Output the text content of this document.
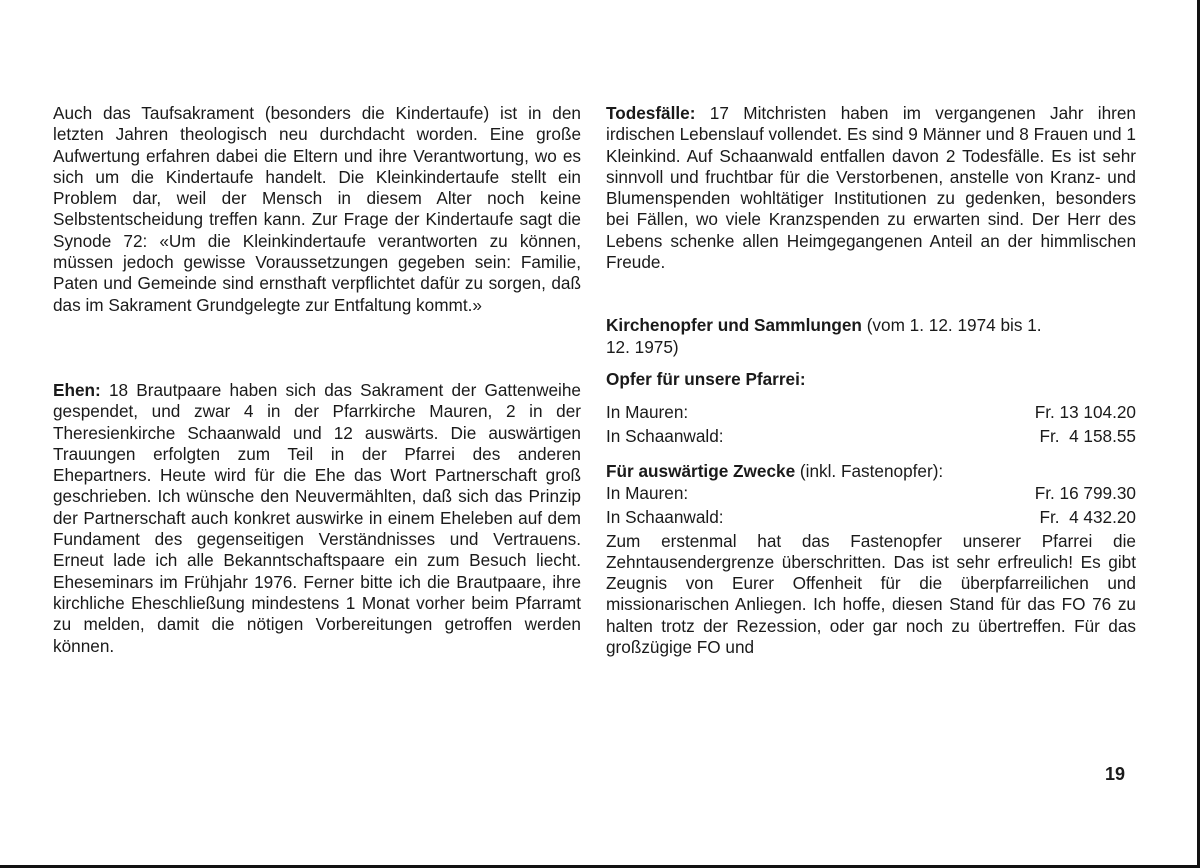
Auch das Taufsakrament (besonders die Kindertaufe) ist in den letzten Jahren theologisch neu durchdacht worden. Eine große Aufwertung erfahren dabei die Eltern und ihre Verantwortung, wo es sich um die Kindertaufe handelt. Die Kleinkindertaufe stellt ein Problem dar, weil der Mensch in diesem Alter noch keine Selbstentscheidung treffen kann. Zur Frage der Kindertaufe sagt die Synode 72: «Um die Kleinkindertaufe verantworten zu können, müssen jedoch gewisse Voraussetzungen gegeben sein: Familie, Paten und Gemeinde sind ernsthaft verpflichtet dafür zu sorgen, daß das im Sakrament Grundgelegte zur Entfaltung kommt.»

Ehen: 18 Brautpaare haben sich das Sakrament der Gattenweihe gespendet, und zwar 4 in der Pfarrkirche Mauren, 2 in der Theresienkirche Schaanwald und 12 auswärts. Die auswärtigen Trauungen erfolgten zum Teil in der Pfarrei des anderen Ehepartners. Heute wird für die Ehe das Wort Partnerschaft groß geschrieben. Ich wünsche den Neuvermählten, daß sich das Prinzip der Partnerschaft auch konkret auswirke in einem Eheleben auf dem Fundament des gegenseitigen Verständnisses und Vertrauens. Erneut lade ich alle Bekanntschaftspaare ein zum Besuch liecht. Eheseminars im Frühjahr 1976. Ferner bitte ich die Brautpaare, ihre kirchliche Eheschließung mindestens 1 Monat vorher beim Pfarramt zu melden, damit die nötigen Vorbereitungen getroffen werden können.

Todesfälle: 17 Mitchristen haben im vergangenen Jahr ihren irdischen Lebenslauf vollendet. Es sind 9 Männer und 8 Frauen und 1 Kleinkind. Auf Schaanwald entfallen davon 2 Todesfälle. Es ist sehr sinnvoll und fruchtbar für die Verstorbenen, anstelle von Kranz- und Blumenspenden wohltätiger Institutionen zu gedenken, besonders bei Fällen, wo viele Kranzspenden zu erwarten sind. Der Herr des Lebens schenke allen Heimgegangenen Anteil an der himmlischen Freude.

Kirchenopfer und Sammlungen (vom 1. 12. 1974 bis 1. 12. 1975)
Opfer für unsere Pfarrei:
In Mauren:	Fr. 13 104.20
In Schaanwald:	Fr.  4 158.55
Für auswärtige Zwecke (inkl. Fastenopfer):
In Mauren:	Fr. 16 799.30
In Schaanwald:	Fr.  4 432.20

Zum erstenmal hat das Fastenopfer unserer Pfarrei die Zehntausendergrenze überschritten. Das ist sehr erfreulich! Es gibt Zeugnis von Eurer Offenheit für die überpfarreilichen und missionarischen Anliegen. Ich hoffe, diesen Stand für das FO 76 zu halten trotz der Rezession, oder gar noch zu übertreffen. Für das großzügige FO und

19
